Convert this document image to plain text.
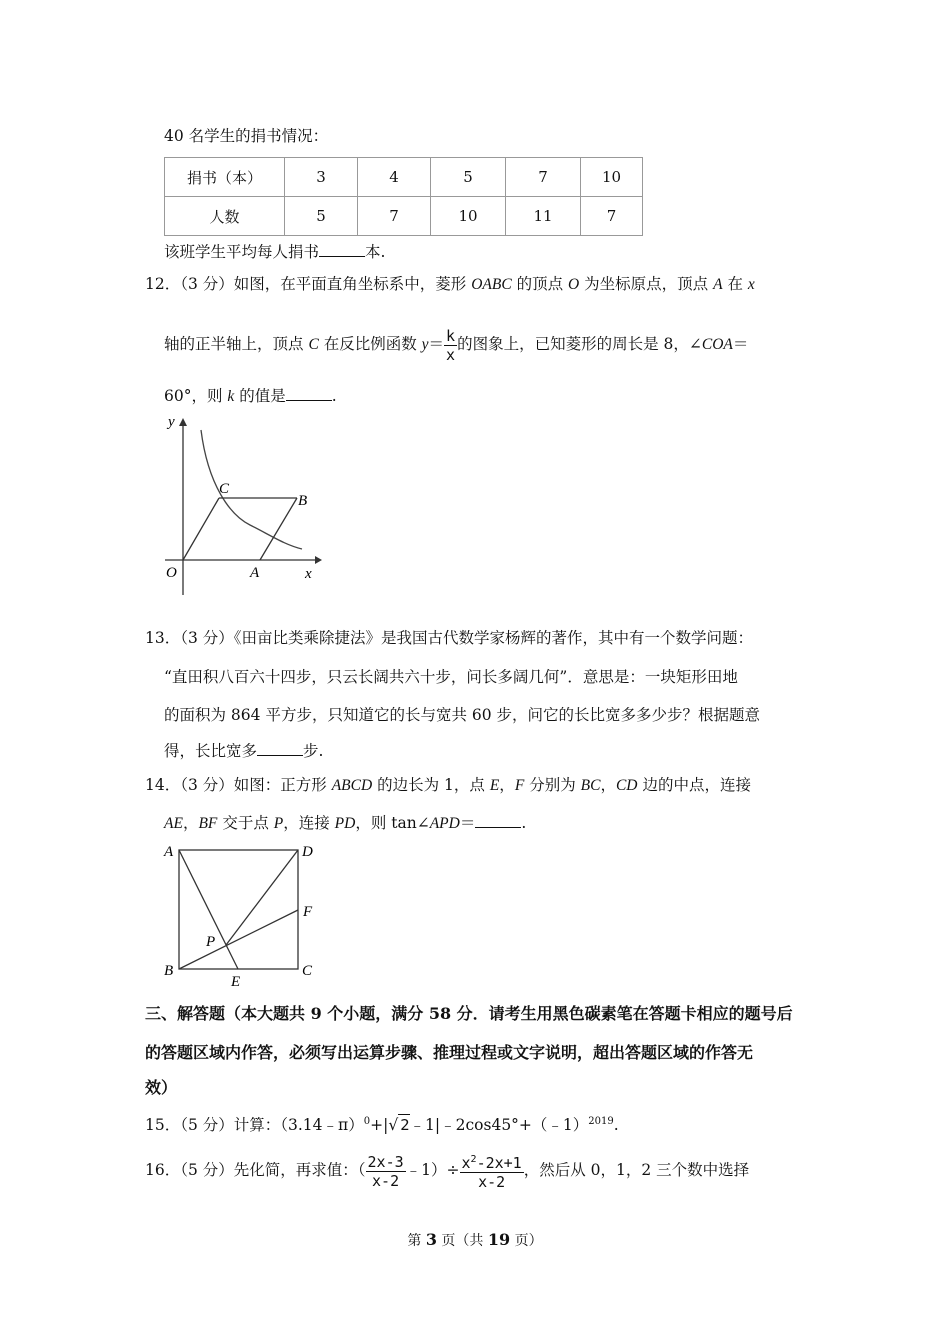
40 名学生的捐书情况：
捐书（本）	3	4	5	7	10
人数	5	7	10	11	7
该班学生平均每人捐书	本.
12．（3 分）如图，在平面直角坐标系中，菱形 OABC 的顶点 O 为坐标原点，顶点 A 在 x
轴的正半轴上，顶点 C 在反比例函数 $y= \frac{k}{x}$ 的图象上，已知菱形的周长是 8，∠COA＝
60°，则 k 的值是	.
y
x
O	A
B
C
13．（3 分）《田亩比类乘除捷法》是我国古代数学家杨辉的著作，其中有一个数学问题：
“直田积八百六十四步，只云长阔共六十步，问长多阔几何”．意思是：一块矩形田地
的面积为 864 平方步，只知道它的长与宽共 60 步，问它的长比宽多多少步？根据题意
得，长比宽多	步.
14．（3 分）如图：正方形 ABCD 的边长为 1，点 E，F 分别为 BC，CD 边的中点，连接
AE，BF 交于点 P，连接 PD，则 tan∠APD＝	.
A	D
F
P
B
E
C
三、解答题（本大题共 9 个小题，满分 58 分．请考生用黑色碳素笔在答题卡相应的题号后
的答题区域内作答，必须写出运算步骤、推理过程或文字说明，超出答题区域的作答无
效）
15．（5 分）计算：（3.14﹣π）$^0$+|√ 2﹣1|﹣2cos45°+（﹣1）$^{2019}$.
16．（5 分）先化简，再求值：（ $\frac{2x-3}{x-2}$ ﹣1）÷ $\frac{x^2-2x+1}{x-2}$ ，然后从 0，1，2 三个数中选择
第 3 页（共 19 页）
